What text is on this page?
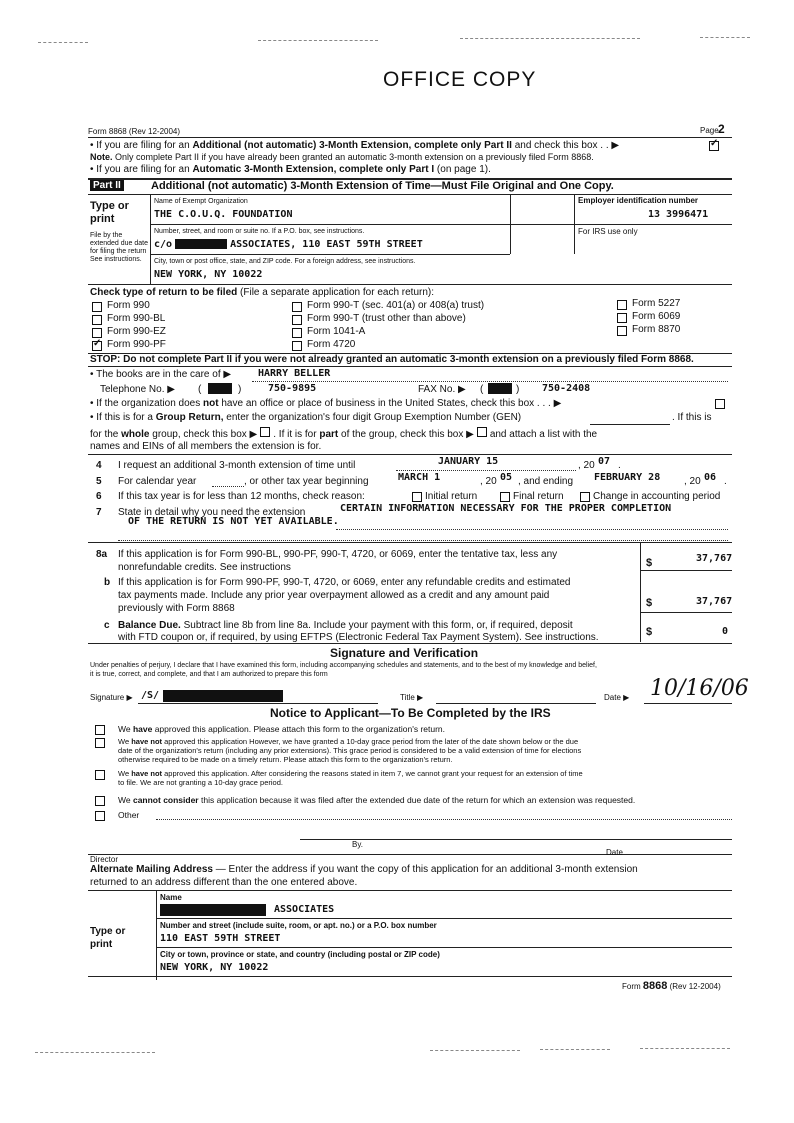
OFFICE COPY
Form 8868 (Rev 12-2004)	Page 2
• If you are filing for an Additional (not automatic) 3-Month Extension, complete only Part II and check this box . . ▶
✓
Note. Only complete Part II if you have already been granted an automatic 3-month extension on a previously filed Form 8868.
• If you are filing for an Automatic 3-Month Extension, complete only Part I (on page 1).
Part II	Additional (not automatic) 3-Month Extension of Time—Must File Original and One Copy.
Type or print
File by the extended due date for filing the return See instructions.
Name of Exempt Organization
THE C.O.U.Q. FOUNDATION
Employer identification number
13 3996471
Number, street, and room or suite no. If a P.O. box, see instructions.
c/o	ASSOCIATES, 110 EAST 59TH STREET
For IRS use only
City, town or post office, state, and ZIP code. For a foreign address, see instructions.
NEW YORK, NY 10022
Check type of return to be filed (File a separate application for each return):
Form 990
Form 990-BL
Form 990-EZ
✓
Form 990-PF
Form 990-T (sec. 401(a) or 408(a) trust)
Form 990-T (trust other than above)
Form 1041-A
Form 4720
Form 5227
Form 6069
Form 8870
STOP: Do not complete Part II if you were not already granted an automatic 3-month extension on a previously filed Form 8868.
• The books are in the care of ▶	HARRY BELLER
Telephone No. ▶ (	)	750-9895	FAX No. ▶ (	) 750-2408
• If the organization does not have an office or place of business in the United States, check this box . . . ▶
• If this is for a Group Return, enter the organization's four digit Group Exemption Number (GEN)	. If this is
for the whole group, check this box ▶ . If it is for part of the group, check this box ▶ and attach a list with the
names and EINs of all members the extension is for.
4 I request an additional 3-month extension of time until	JANUARY 15	, 20 07 .
5 For calendar year	, or other tax year beginning	MARCH 1	, 20 05 , and ending FEBRUARY 28 , 20 06 .
6 If this tax year is for less than 12 months, check reason:	Initial return	Final return	Change in accounting period
7 State in detail why you need the extension	CERTAIN INFORMATION NECESSARY FOR THE PROPER COMPLETION
OF THE RETURN IS NOT YET AVAILABLE.
8a If this application is for Form 990-BL, 990-PF, 990-T, 4720, or 6069, enter the tentative tax, less any
nonrefundable credits. See instructions	$	37,767
b If this application is for Form 990-PF, 990-T, 4720, or 6069, enter any refundable credits and estimated
tax payments made. Include any prior year overpayment allowed as a credit and any amount paid
previously with Form 8868	$	37,767
c Balance Due. Subtract line 8b from line 8a. Include your payment with this form, or, if required, deposit
with FTD coupon or, if required, by using EFTPS (Electronic Federal Tax Payment System). See instructions.	$	0
Signature and Verification
Under penalties of perjury, I declare that I have examined this form, including accompanying schedules and statements, and to the best of my knowledge and belief,
it is true, correct, and complete, and that I am authorized to prepare this form
Signature ▶ /S/	Title ▶	Date ▶ 10/16/06
Notice to Applicant—To Be Completed by the IRS
We have approved this application. Please attach this form to the organization's return.
We have not approved this application However, we have granted a 10-day grace period from the later of the date shown below or the due
date of the organization's return (including any prior extensions). This grace period is considered to be a valid extension of time for elections
otherwise required to be made on a timely return. Please attach this form to the organization's return.
We have not approved this application. After considering the reasons stated in item 7, we cannot grant your request for an extension of time
to file. We are not granting a 10-day grace period.
We cannot consider this application because it was filed after the extended due date of the return for which an extension was requested.
Other
By.
Director
Date
Alternate Mailing Address — Enter the address if you want the copy of this application for an additional 3-month extension
returned to an address different than the one entered above.
Name
ASSOCIATES
Type or print
Number and street (include suite, room, or apt. no.) or a P.O. box number
110 EAST 59TH STREET
City or town, province or state, and country (including postal or ZIP code)
NEW YORK, NY 10022
Form 8868 (Rev 12-2004)
